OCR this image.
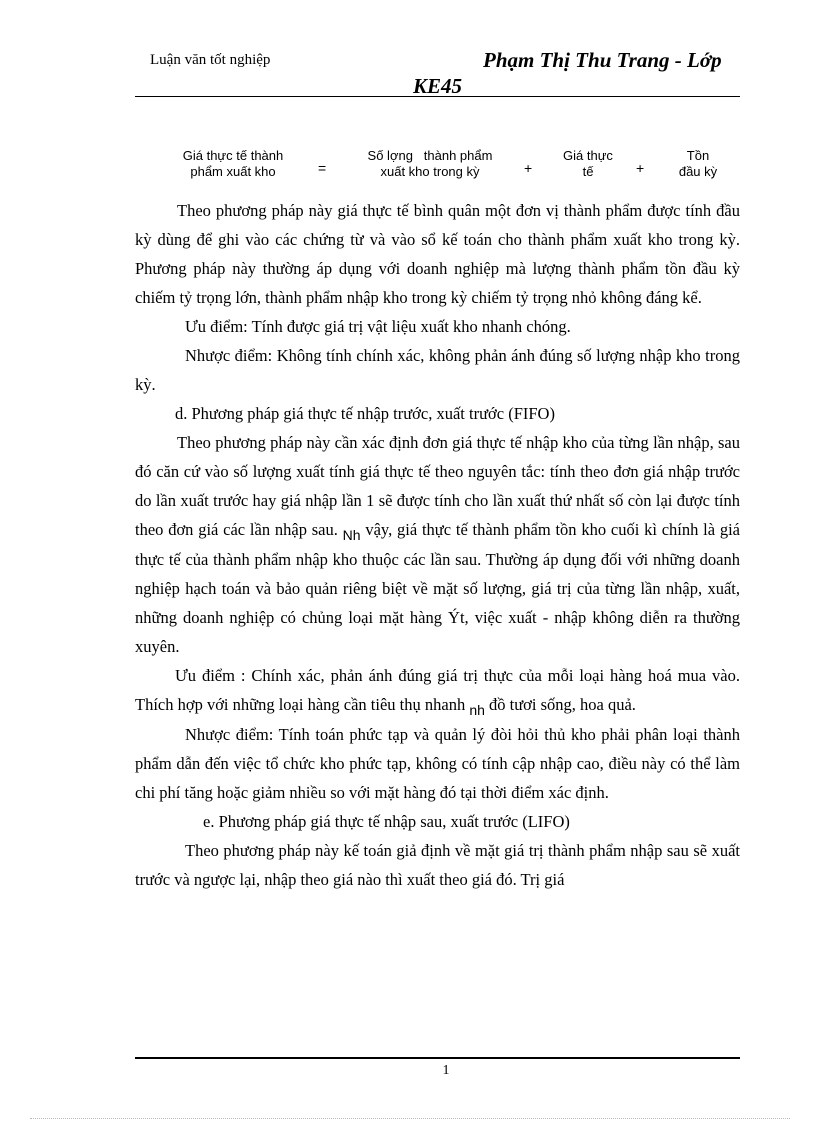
Luận văn tốt nghiệp	Phạm Thị Thu Trang - Lớp
KE45
Giá thực tế thành
phẩm xuất kho	=
Số lợng   thành phẩm
xuất kho trong kỳ	+
Giá thực
tế	+
Tồn
đầu kỳ

Theo phương pháp này giá thực tế bình quân một đơn vị thành phẩm được tính đầu kỳ dùng để ghi vào các chứng từ và vào sổ kế toán cho thành phẩm xuất kho trong kỳ. Phương pháp này thường áp dụng với doanh nghiệp mà lượng thành phẩm tồn đầu kỳ chiếm tỷ trọng lớn, thành phẩm nhập kho trong kỳ chiếm tỷ trọng nhỏ không đáng kể.

Ưu điểm: Tính được giá trị vật liệu xuất kho nhanh chóng.

Nhược điểm: Không tính chính xác, không phản ánh đúng số lượng nhập kho trong kỳ.

d. Phương pháp giá thực tế nhập trước, xuất trước (FIFO)

Theo phương pháp này cần xác định đơn giá thực tế nhập kho của từng lần nhập, sau đó căn cứ vào số lượng xuất tính giá thực tế theo nguyên tắc: tính theo đơn giá nhập trước do lần xuất trước hay giá nhập lần 1 sẽ được tính cho lần xuất thứ nhất số còn lại được tính theo đơn giá các lần nhập sau. $_{Nh}$ vậy, giá thực tế thành phẩm tồn kho cuối kì chính là giá thực tế của thành phẩm nhập kho thuộc các lần sau. Thường áp dụng đối với những doanh nghiệp hạch toán và bảo quản riêng biệt về mặt số lượng, giá trị của từng lần nhập, xuất, những doanh nghiệp có chủng loại mặt hàng Ýt, việc xuất - nhập không diễn ra thường xuyên.

Ưu điểm : Chính xác, phản ánh đúng giá trị thực của mỗi loại hàng hoá mua vào. Thích hợp với những loại hàng cần tiêu thụ nhanh $_{nh}$ đồ tươi sống, hoa quả.

Nhược điểm: Tính toán phức tạp và quản lý đòi hỏi thủ kho phải phân loại thành phẩm dẫn đến việc tổ chức kho phức tạp, không có tính cập nhập cao, điều này có thể làm chi phí tăng hoặc giảm nhiều so với mặt hàng đó tại thời điểm xác định.

e. Phương pháp giá thực tế nhập sau, xuất trước (LIFO)

Theo phương pháp này kế toán giả định về mặt giá trị thành phẩm nhập sau sẽ xuất trước và ngược lại, nhập theo giá nào thì xuất theo giá đó. Trị giá

1
